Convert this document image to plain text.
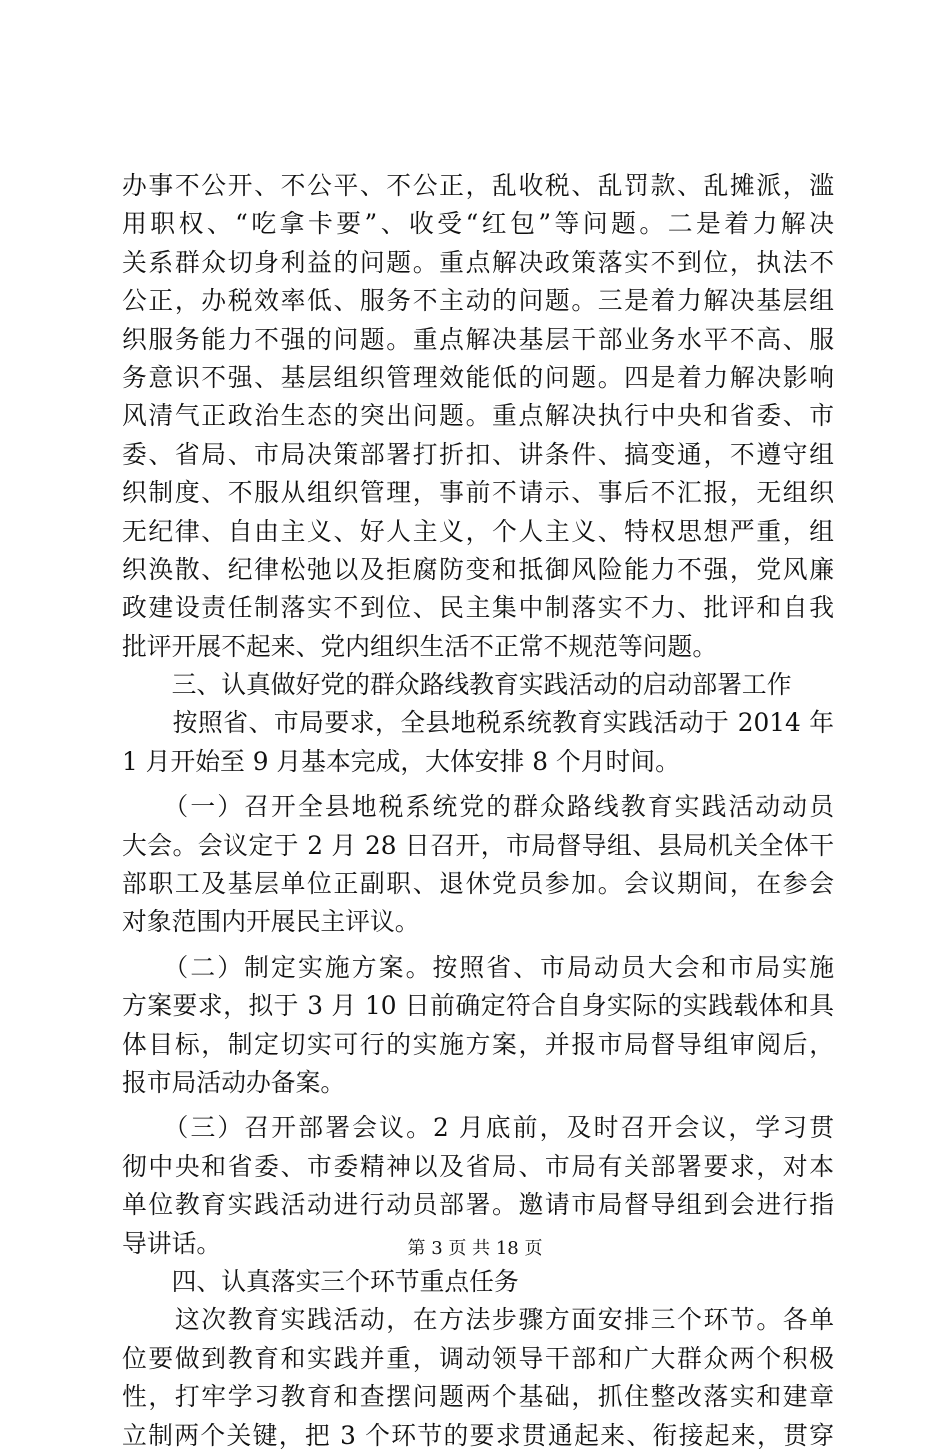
办事不公开、不公平、不公正，乱收税、乱罚款、乱摊派，滥
用职权、“吃拿卡要”、收受“红包”等问题。二是着力解决
关系群众切身利益的问题。重点解决政策落实不到位，执法不
公正，办税效率低、服务不主动的问题。三是着力解决基层组
织服务能力不强的问题。重点解决基层干部业务水平不高、服
务意识不强、基层组织管理效能低的问题。四是着力解决影响
风清气正政治生态的突出问题。重点解决执行中央和省委、市
委、省局、市局决策部署打折扣、讲条件、搞变通，不遵守组
织制度、不服从组织管理，事前不请示、事后不汇报，无组织
无纪律、自由主义、好人主义，个人主义、特权思想严重，组
织涣散、纪律松弛以及拒腐防变和抵御风险能力不强，党风廉
政建设责任制落实不到位、民主集中制落实不力、批评和自我
批评开展不起来、党内组织生活不正常不规范等问题。
　　三、认真做好党的群众路线教育实践活动的启动部署工作
　　按照省、市局要求，全县地税系统教育实践活动于 2014 年
1 月开始至 9 月基本完成，大体安排 8 个月时间。
　　（一）召开全县地税系统党的群众路线教育实践活动动员
大会。会议定于 2 月 28 日召开，市局督导组、县局机关全体干
部职工及基层单位正副职、退休党员参加。会议期间，在参会
对象范围内开展民主评议。
　　（二）制定实施方案。按照省、市局动员大会和市局实施
方案要求，拟于 3 月 10 日前确定符合自身实际的实践载体和具
体目标，制定切实可行的实施方案，并报市局督导组审阅后，
报市局活动办备案。
　　（三）召开部署会议。2 月底前，及时召开会议，学习贯
彻中央和省委、市委精神以及省局、市局有关部署要求，对本
单位教育实践活动进行动员部署。邀请市局督导组到会进行指
导讲话。
　　四、认真落实三个环节重点任务
　　这次教育实践活动，在方法步骤方面安排三个环节。各单
位要做到教育和实践并重，调动领导干部和广大群众两个积极
性，打牢学习教育和查摆问题两个基础，抓住整改落实和建章
立制两个关键，把 3 个环节的要求贯通起来、衔接起来，贯穿
第 3 页 共 18 页
